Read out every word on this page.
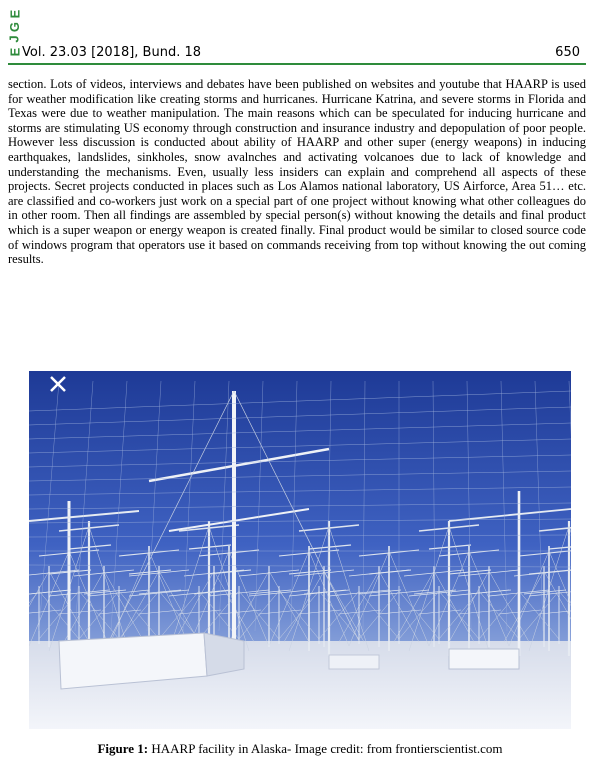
E
G
J
E Vol. 23.03 [2018], Bund. 18	650

section. Lots of videos, interviews and debates have been published on websites and youtube that HAARP is used for weather modification like creating storms and hurricanes. Hurricane Katrina, and severe storms in Florida and Texas were due to weather manipulation. The main reasons which can be speculated for inducing hurricane and storms are stimulating US economy through construction and insurance industry and depopulation of poor people. However less discussion is conducted about ability of HAARP and other super (energy weapons) in inducing earthquakes, landslides, sinkholes, snow avalnches and activating volcanoes due to lack of knowledge and understanding the mechanisms. Even, usually less insiders can explain and comprehend all aspects of these projects. Secret projects conducted in places such as Los Alamos national laboratory, US Airforce, Area 51… etc. are classified and co-workers just work on a special part of one project without knowing what other colleagues do in other room. Then all findings are assembled by special person(s) without knowing the details and final product which is a super weapon or energy weapon is created finally. Final product would be similar to closed source code of windows program that operators use it based on commands receiving from top without knowing the out coming results.

Figure 1: HAARP facility in Alaska- Image credit: from frontierscientist.com
